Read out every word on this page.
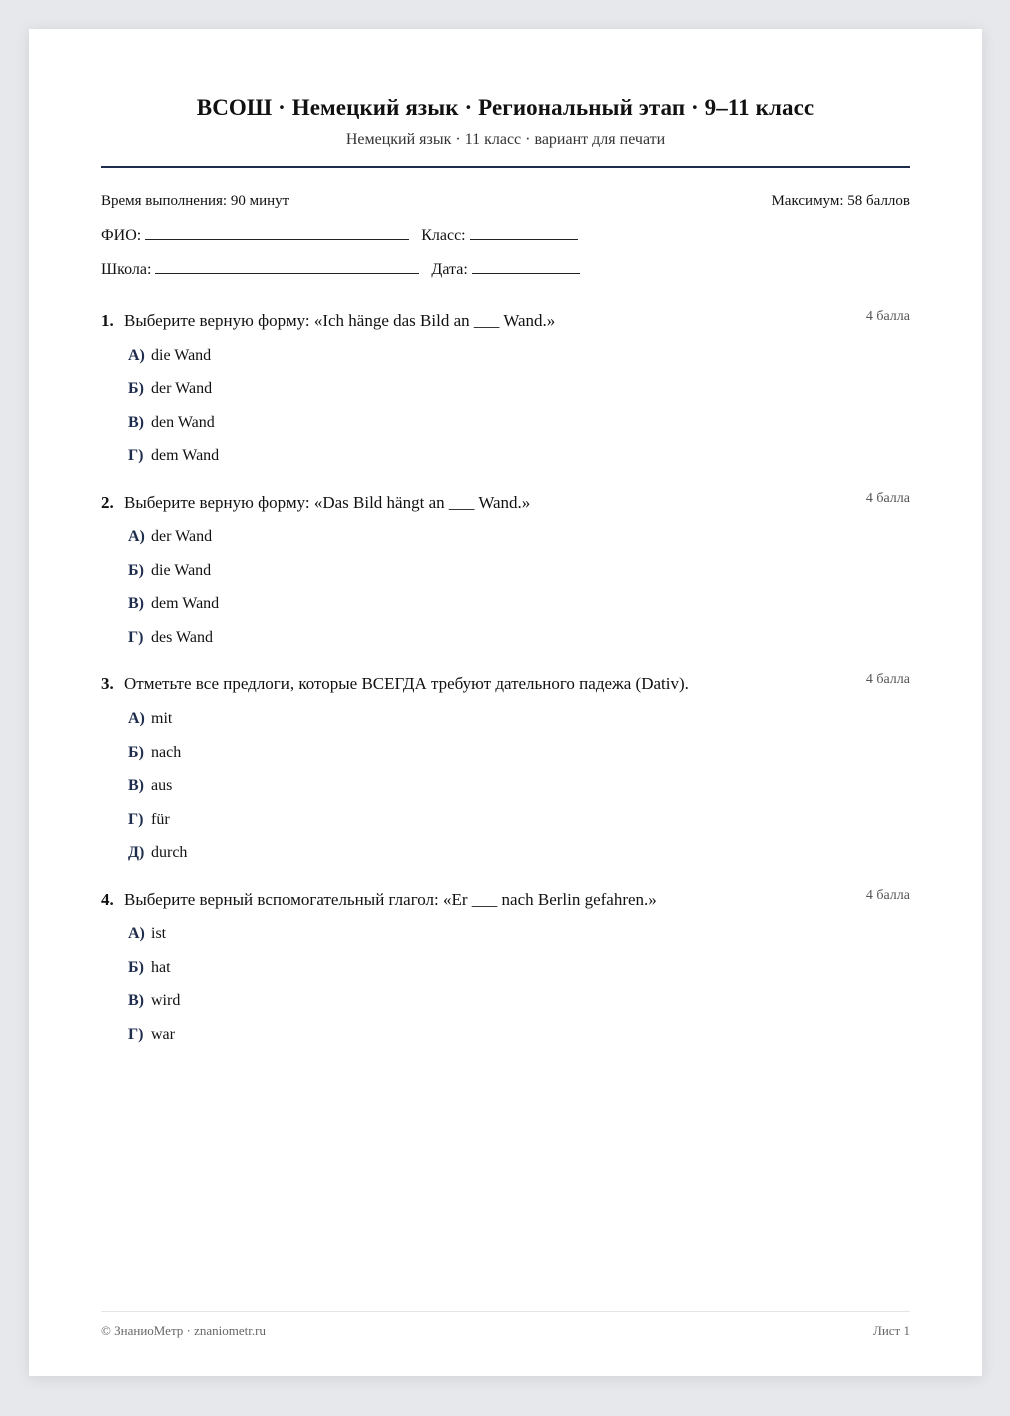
ВСОШ · Немецкий язык · Региональный этап · 9–11 класс
Немецкий язык · 11 класс · вариант для печати
Время выполнения: 90 минут	Максимум: 58 баллов
ФИО:	Класс:
Школа:	Дата:
1. Выберите верную форму: «Ich hänge das Bild an ___ Wand.»	4 балла
А) die Wand
Б) der Wand
В) den Wand
Г) dem Wand
2. Выберите верную форму: «Das Bild hängt an ___ Wand.»	4 балла
А) der Wand
Б) die Wand
В) dem Wand
Г) des Wand
3. Отметьте все предлоги, которые ВСЕГДА требуют дательного падежа (Dativ).	4 балла
А) mit
Б) nach
В) aus
Г) für
Д) durch
4. Выберите верный вспомогательный глагол: «Er ___ nach Berlin gefahren.»	4 балла
А) ist
Б) hat
В) wird
Г) war
© ЗнаниоМетр · znaniometr.ru	Лист 1
